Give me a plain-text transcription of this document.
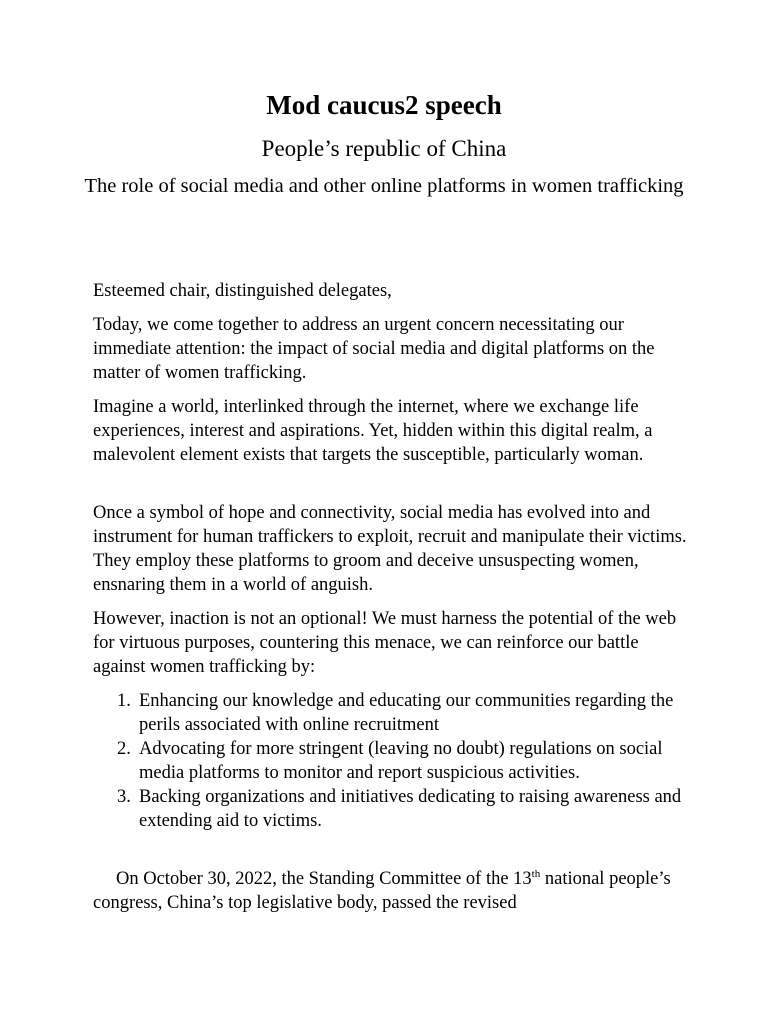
Mod caucus2 speech
People’s republic of China
The role of social media and other online platforms in women trafficking

Esteemed chair, distinguished delegates,

Today, we come together to address an urgent concern necessitating our immediate attention: the impact of social media and digital platforms on the matter of women trafficking.

Imagine a world, interlinked through the internet, where we exchange life experiences, interest and aspirations. Yet, hidden within this digital realm, a malevolent element exists that targets the susceptible, particularly woman.

Once a symbol of hope and connectivity, social media has evolved into and instrument for human traffickers to exploit, recruit and manipulate their victims. They employ these platforms to groom and deceive unsuspecting women, ensnaring them in a world of anguish.

However, inaction is not an optional! We must harness the potential of the web for virtuous purposes, countering this menace, we can reinforce our battle against women trafficking by:

1. Enhancing our knowledge and educating our communities regarding the perils associated with online recruitment
2. Advocating for more stringent (leaving no doubt) regulations on social media platforms to monitor and report suspicious activities.
3. Backing organizations and initiatives dedicating to raising awareness and extending aid to victims.

On October 30, 2022, the Standing Committee of the 13th national people’s congress, China’s top legislative body, passed the revised
